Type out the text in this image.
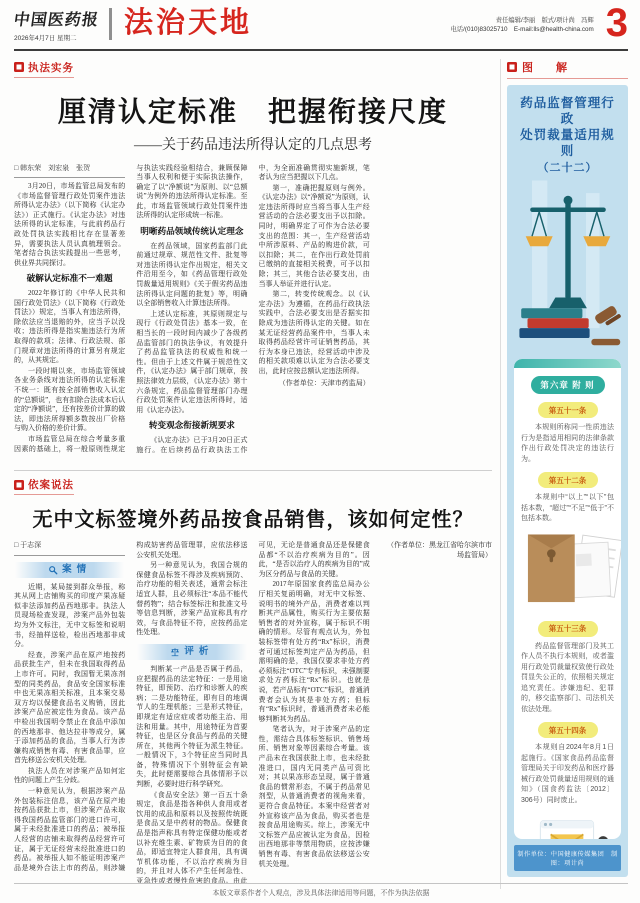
中国医药报
2026年4月7日 星期二	法治天地	责任编辑/李丽　版式/项计尚　冯辉
电话/(010)83025710　E-mail:lls@health-china.com 3
执法实务
厘清认定标准　把握衔接尺度
——关于药品违法所得认定的几点思考
□ 韩东荣　刘宏泉　张贺

3月20日，市场监管总局发布的《市场监督管理行政处罚案件违法所得认定办法》（以下简称《认定办法》）正式施行。《认定办法》对违法所得的认定标准，与此前药品行政处罚执法实践相比存在显著差异，需要执法人员认真梳理领会。笔者结合执法实践提出一些思考，供业界共同探讨。

破解认定标准不一难题

2022年修订的《中华人民共和国行政处罚法》（以下简称《行政处罚法》）规定，当事人有违法所得，除依法应当退赔的外，应当予以没收；违法所得是指实施违法行为所取得的款项；法律、行政法规、部门规章对违法所得的计算另有规定的，从其规定。

一段时期以来，市场监管领域各业务条线对违法所得的认定标准不统一：既有按全部销售收入认定的“总额说”，也有扣除合法成本后认定的“净额说”，还有按差价计算的做法，即违法所得额多数按出厂价格与购入价格的差价计算。

市场监管总局在综合考量多重因素的基础上，将一般原则性规定与执法实践经验相结合，兼顾保障当事人权利和便于实际执法操作，确定了以“净额说”为原则、以“总额说”为例外的违法所得认定标准。至此，市场监管领域行政处罚案件违法所得的认定形成统一标准。

明晰药品领域传统认定理念

在药品领域，国家药监部门此前通过规章、规范性文件、批复等对违法所得认定作出规定，相关文件沿用至今，如《药品管理行政处罚裁量适用规则》《关于假劣药品违法所得认定问题的批复》等，明确以全部销售收入计算违法所得。

上述认定标准，其原则规定与现行《行政处罚法》基本一致，在相当长的一段时间内减少了各级药品监管部门的执法争议，有效提升了药品监管执法的权威性和统一性。但由于上述文件属于规范性文件，《认定办法》属于部门规章，按照法律效力层级，《认定办法》第十六条规定，药品监督管理部门办理行政处罚案件认定违法所得时，适用《认定办法》。

转变观念衔接新规要求

《认定办法》已于3月20日正式施行。在后续药品行政执法工作中，为全面准确贯彻实施新规，笔者认为应当把握以下几点。

第一，准确把握原则与例外。《认定办法》以“净额说”为原则，认定违法所得时应当将当事人生产经营活动的合法必要支出予以扣除。同时，明确界定了可作为合法必要支出的范围：其一，生产经营活动中所涉原料、产品的购进价款，可以扣除；其二，在作出行政处罚前已缴纳的直接相关税费，可予以扣除；其三，其他合法必要支出，由当事人举证并进行认定。

第二，转变传统观念。以《认定办法》为遵循，在药品行政执法实践中，合法必要支出是否据实扣除成为违法所得认定的关键。如在某无证经营药品案件中，当事人未取得药品经营许可证销售药品，其行为本身已违法，经营活动中涉及的相关款项难以认定为合法必要支出，此时应按总额认定违法所得。

（作者单位：天津市药监局）

依案说法
无中文标签境外药品按食品销售，该如何定性？
□ 于志深
案情

近期，某局接到群众举报，称其从网上店铺购买的印度产果冻疑似非法添加药品西地那非。执法人员现场检查发现，涉案产品外包装均为外文标注，无中文标签和说明书，经抽样送检，检出西地那非成分。

经查，涉案产品在原产地按药品获批生产，但未在我国取得药品上市许可。同时，我国暂无果冻剂型的同类药品，食品安全国家标准中也无果冻相关标准，且本案交易双方均以保健食品名义购销，因此涉案产品应被定性为食品。该产品中检出我国明令禁止在食品中添加的西地那非、他达拉非等成分，属于添加药品的食品，当事人行为涉嫌构成销售有毒、有害食品罪，应首先移送公安机关处理。

执法人员在对涉案产品如何定性的问题上产生分歧。

一种意见认为，根据涉案产品外包装标注信息，该产品在原产地按药品获批上市，但涉案产品未取得我国药品监管部门的进口许可，属于未经批准进口的药品；被举报人经营的店铺未取得药品经营许可证，属于无证经营未经批准进口的药品。被举报人如不能证明涉案产品是境外合法上市的药品，则涉嫌构成妨害药品管理罪，应依法移送公安机关处理。

另一种意见认为，我国合规的保健食品标签不得涉及疾病预防、治疗功能的相关表述，通常会标注适宜人群，且必须标注“本品不能代替药物”；结合标签标注和批准文号等信息判断，涉案产品宣称具有疗效，与食品特征不符，应按药品定性处理。

评析

判断某一产品是否属于药品，应把握药品的法定特征：一是用途特征，即预防、治疗和诊断人的疾病；二是功能特征，即有目的地调节人的生理机能；三是形式特征，即规定有适应症或者功能主治、用法和用量。其中，用途特征为首要特征，也是区分食品与药品的关键所在，其他两个特征为派生特征。一般情况下，3个特征应当同时具备，特殊情况下个别特征会有缺失，此时便需要综合具体情形予以判断，必要时进行科学研究。

《食品安全法》第一百五十条规定，食品是指各种供人食用或者饮用的成品和原料以及按照传统既是食品又是中药材的物品。保健食品是指声称具有特定保健功能或者以补充维生素、矿物质为目的的食品，即适宜特定人群食用，具有调节机体功能，不以治疗疾病为目的，并且对人体不产生任何急性、亚急性或者慢性危害的食品。由此可见，无论是普通食品还是保健食品都“不以治疗疾病为目的”。因此，“是否以治疗人的疾病为目的”成为区分药品与食品的关键。

2017年原国家食药监总局办公厅相关复函明确，对无中文标签、说明书的境外产品，消费者难以判断其产品属性，购买行为主要依据销售者的对外宣称，属于标识不明确的情形。尽管有观点认为，外包装标签带有处方药“Rx”标识，消费者可通过标签判定产品为药品，但需明确的是，我国仅要求非处方药必须标注“OTC”专有标识，未强制要求处方药标注“Rx”标识。也就是说，若产品标有“OTC”标识，普通消费者会认为其是非处方药；但标有“Rx”标识时，普通消费者未必能够判断其为药品。

笔者认为，对于涉案产品的定性，需结合具体标签标识、销售场所、销售对象等因素综合考量。该产品未在我国获批上市，也未经批准进口，国内无同类产品可资比对；其以果冻形态呈现，属于普通食品的惯常形态，不属于药品常见剂型，从普通消费者的视角来看，更符合食品特征。本案中经营者对外宣称该产品为食品，购买者也是按食品用途购买。综上，涉案无中文标签产品应被认定为食品，因检出西地那非等禁用物质，应按涉嫌销售有毒、有害食品依法移送公安机关处理。

（作者单位：黑龙江省哈尔滨市市场监管局）

图　解
药品监督管理行政
处罚裁量适用规则
（二十二）
第六章 附 则
第五十一条

本规则所称同一性质违法行为是指适用相同的法律条款作出行政处罚决定的违法行为。

第五十二条

本规则中“以上”“以下”包括本数，“超过”“不足”“低于”不包括本数。

第五十三条

药品监督管理部门及其工作人员不执行本规则，或者滥用行政处罚裁量权致使行政处罚显失公正的，依照相关规定追究责任。涉嫌违纪、犯罪的，移交监察部门、司法机关依法处理。

第五十四条

本规则自2024年8月1日起施行。《国家食品药品监督管理局关于印发药品和医疗器械行政处罚裁量适用规则的通知》（国食药监法〔2012〕306号）同时废止。

制作单位：中国健康传媒集团　制图：项计尚
本版文章系作者个人观点，涉及具体法律适用等问题，不作为执法依据
